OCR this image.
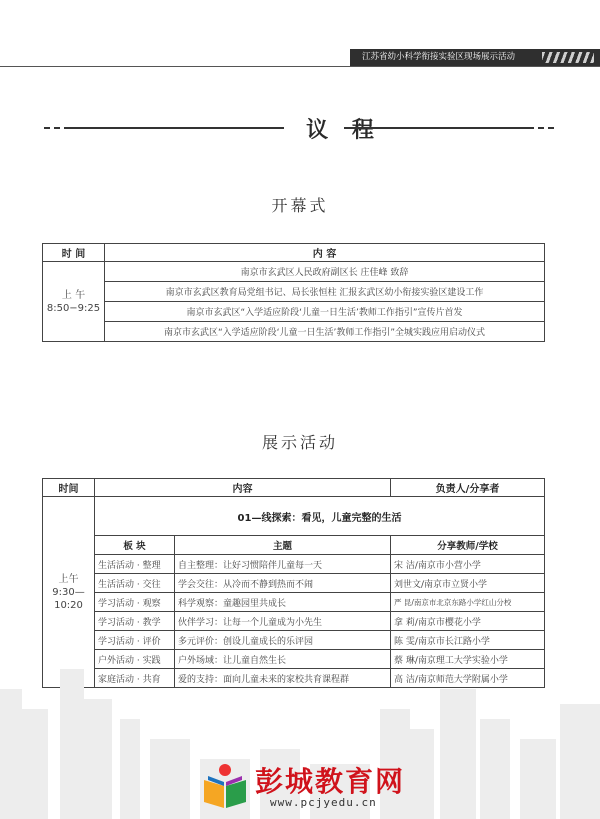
江苏省幼小科学衔接实验区现场展示活动
议 程
开幕式
时 间	内 容
上 午
8:50−9:25	南京市玄武区人民政府副区长 庄佳峰 致辞
	南京市玄武区教育局党组书记、局长张恒柱 汇报玄武区幼小衔接实验区建设工作
	南京市玄武区“入学适应阶段‘儿童一日生活’教师工作指引”宣传片首发
	南京市玄武区“入学适应阶段‘儿童一日生活’教师工作指引”全城实践应用启动仪式
展示活动
时间	内容		负责人/分享者
上午
9:30—
10:20	01—线探索：看见，儿童完整的生活		
	板 块	主题	分享教师/学校
	生活活动 · 整理	自主整理：让好习惯陪伴儿童每一天	宋 洁/南京市小营小学
	生活活动 · 交往	学会交往：从冷而不静到热而不闹	刘世文/南京市立贤小学
	学习活动 · 观察	科学观察：童趣园里共成长	严 昆/南京市北京东路小学红山分校
	学习活动 · 教学	伙伴学习：让每一个儿童成为小先生	拿 莉/南京市樱花小学
	学习活动 · 评价	多元评价：创设儿童成长的乐评园	陈 雯/南京市长江路小学
	户外活动 · 实践	户外场域：让儿童自然生长	蔡 琳/南京理工大学实验小学
	家庭活动 · 共育	爱的支持：面向儿童未来的家校共育课程群	高 洁/南京师范大学附属小学
彭城教育网
www.pcjyedu.cn
